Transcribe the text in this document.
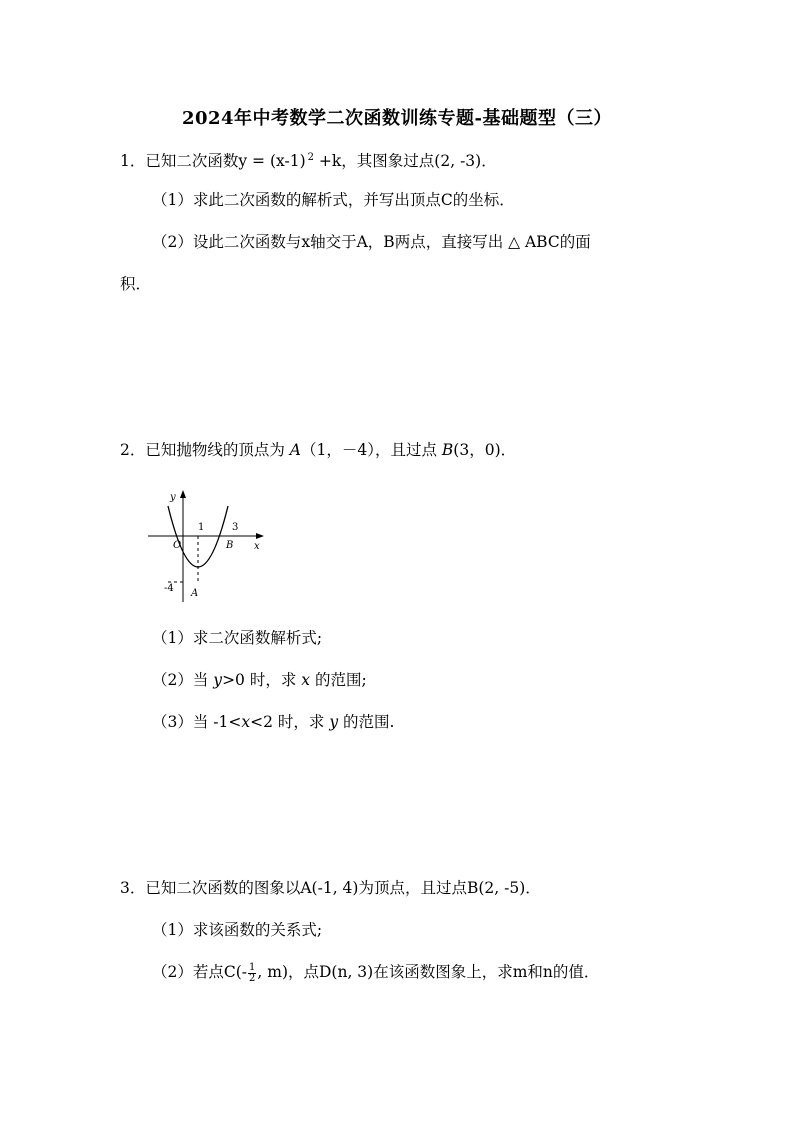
2024年中考数学二次函数训练专题-基础题型（三）
1．已知二次函数y = (x-1) $^2$ +k，其图象过点(2, -3)．
（1）求此二次函数的解析式，并写出顶点C的坐标．
（2）设此二次函数与x轴交于A，B两点，直接写出 △ ABC的面
积．
2．已知抛物线的顶点为 A（1，－4），且过点 B(3，0)．
y
x
O
1	3
B
A
-4
（1）求二次函数解析式;
（2）当 y>0 时，求 x 的范围;
（3）当 -1<x<2 时，求 y 的范围.
3．已知二次函数的图象以A(-1, 4)为顶点，且过点B(2, -5)．
（1）求该函数的关系式;
（2）若点$C(- \frac{1}{2}$ , m)，点D(n, 3)在该函数图象上，求m和n的值．
